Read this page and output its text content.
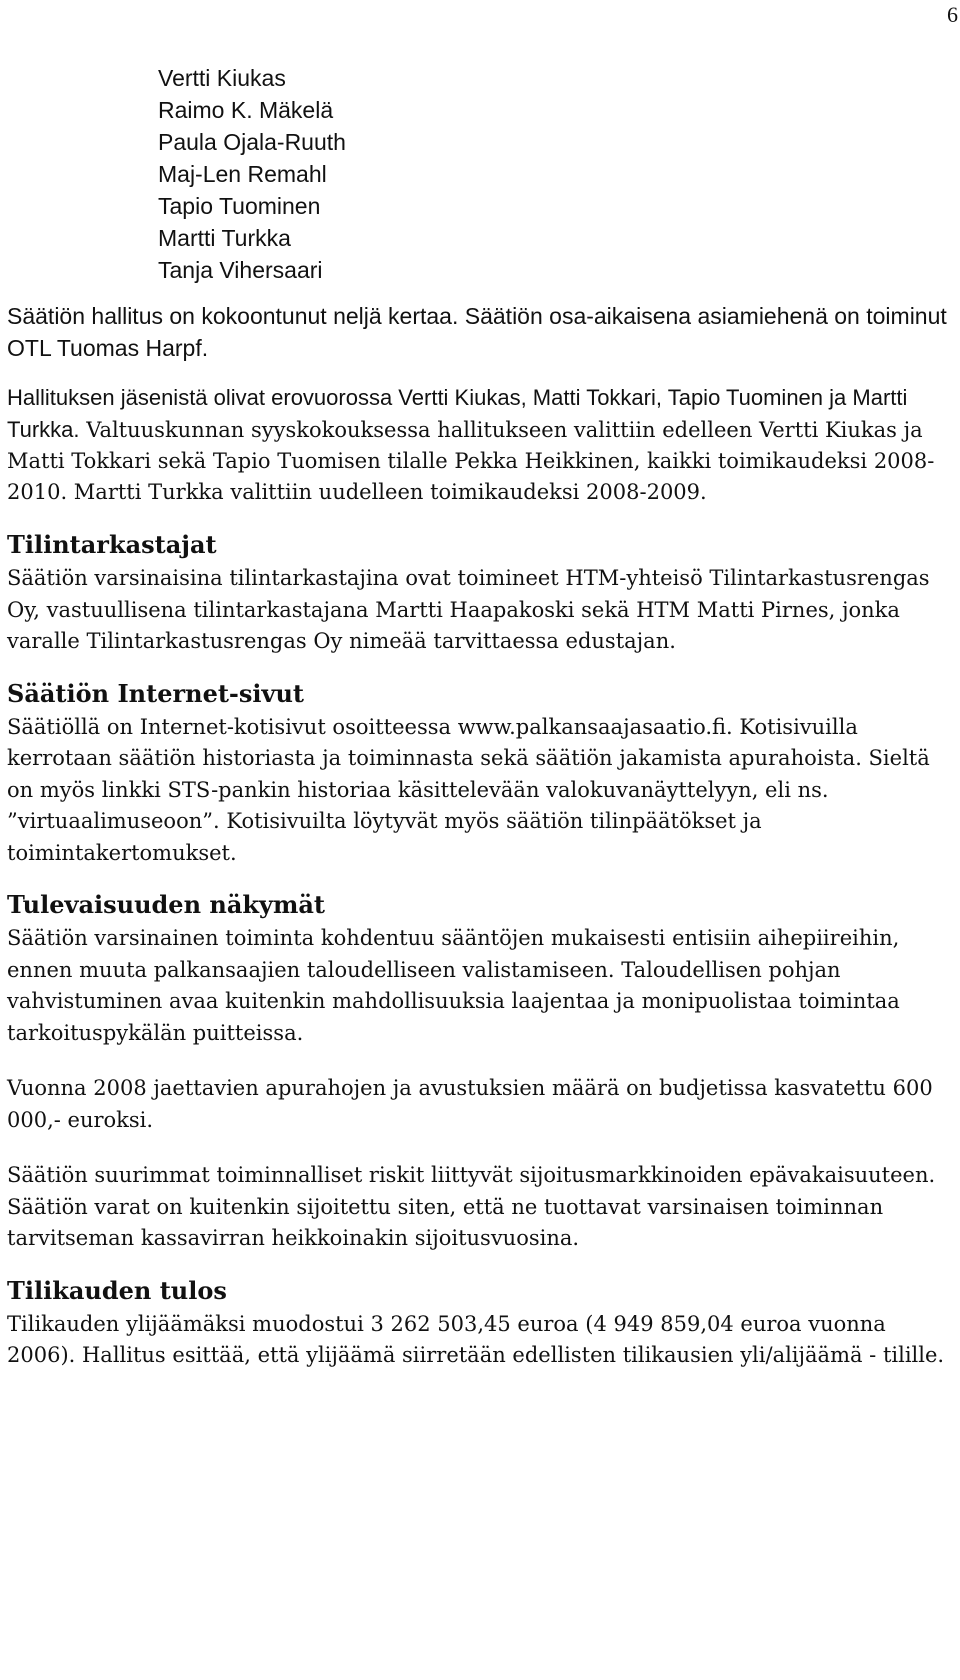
6
Vertti Kiukas
Raimo K. Mäkelä
Paula Ojala-Ruuth
Maj-Len Remahl
Tapio Tuominen
Martti Turkka
Tanja Vihersaari

Säätiön hallitus on kokoontunut neljä kertaa. Säätiön osa-aikaisena asiamiehenä on toiminut OTL Tuomas Harpf.

Hallituksen jäsenistä olivat erovuorossa Vertti Kiukas, Matti Tokkari, Tapio Tuominen ja Martti Turkka. Valtuuskunnan syyskokouksessa hallitukseen valittiin edelleen Vertti Kiukas ja Matti Tokkari sekä Tapio Tuomisen tilalle Pekka Heikkinen, kaikki toimikaudeksi 2008-2010. Martti Turkka valittiin uudelleen toimikaudeksi 2008-2009.

Tilintarkastajat

Säätiön varsinaisina tilintarkastajina ovat toimineet HTM-yhteisö Tilintarkastusrengas Oy, vastuullisena tilintarkastajana Martti Haapakoski sekä HTM Matti Pirnes, jonka varalle Tilintarkastusrengas Oy nimeää tarvittaessa edustajan.

Säätiön Internet-sivut

Säätiöllä on Internet-kotisivut osoitteessa www.palkansaajasaatio.fi. Kotisivuilla kerrotaan säätiön historiasta ja toiminnasta sekä säätiön jakamista apurahoista. Sieltä on myös linkki STS-pankin historiaa käsittelevään valokuvanäyttelyyn, eli ns. ”virtuaalimuseoon”. Kotisivuilta löytyvät myös säätiön tilinpäätökset ja toimintakertomukset.

Tulevaisuuden näkymät

Säätiön varsinainen toiminta kohdentuu sääntöjen mukaisesti entisiin aihepiireihin, ennen muuta palkansaajien taloudelliseen valistamiseen. Taloudellisen pohjan vahvistuminen avaa kuitenkin mahdollisuuksia laajentaa ja monipuolistaa toimintaa tarkoituspykälän puitteissa.

Vuonna 2008 jaettavien apurahojen ja avustuksien määrä on budjetissa kasvatettu 600 000,- euroksi.

Säätiön suurimmat toiminnalliset riskit liittyvät sijoitusmarkkinoiden epävakaisuuteen. Säätiön varat on kuitenkin sijoitettu siten, että ne tuottavat varsinaisen toiminnan tarvitseman kassavirran heikkoinakin sijoitusvuosina.

Tilikauden tulos

Tilikauden ylijäämäksi muodostui 3 262 503,45 euroa (4 949 859,04 euroa vuonna 2006). Hallitus esittää, että ylijäämä siirretään edellisten tilikausien yli/alijäämä - tilille.
